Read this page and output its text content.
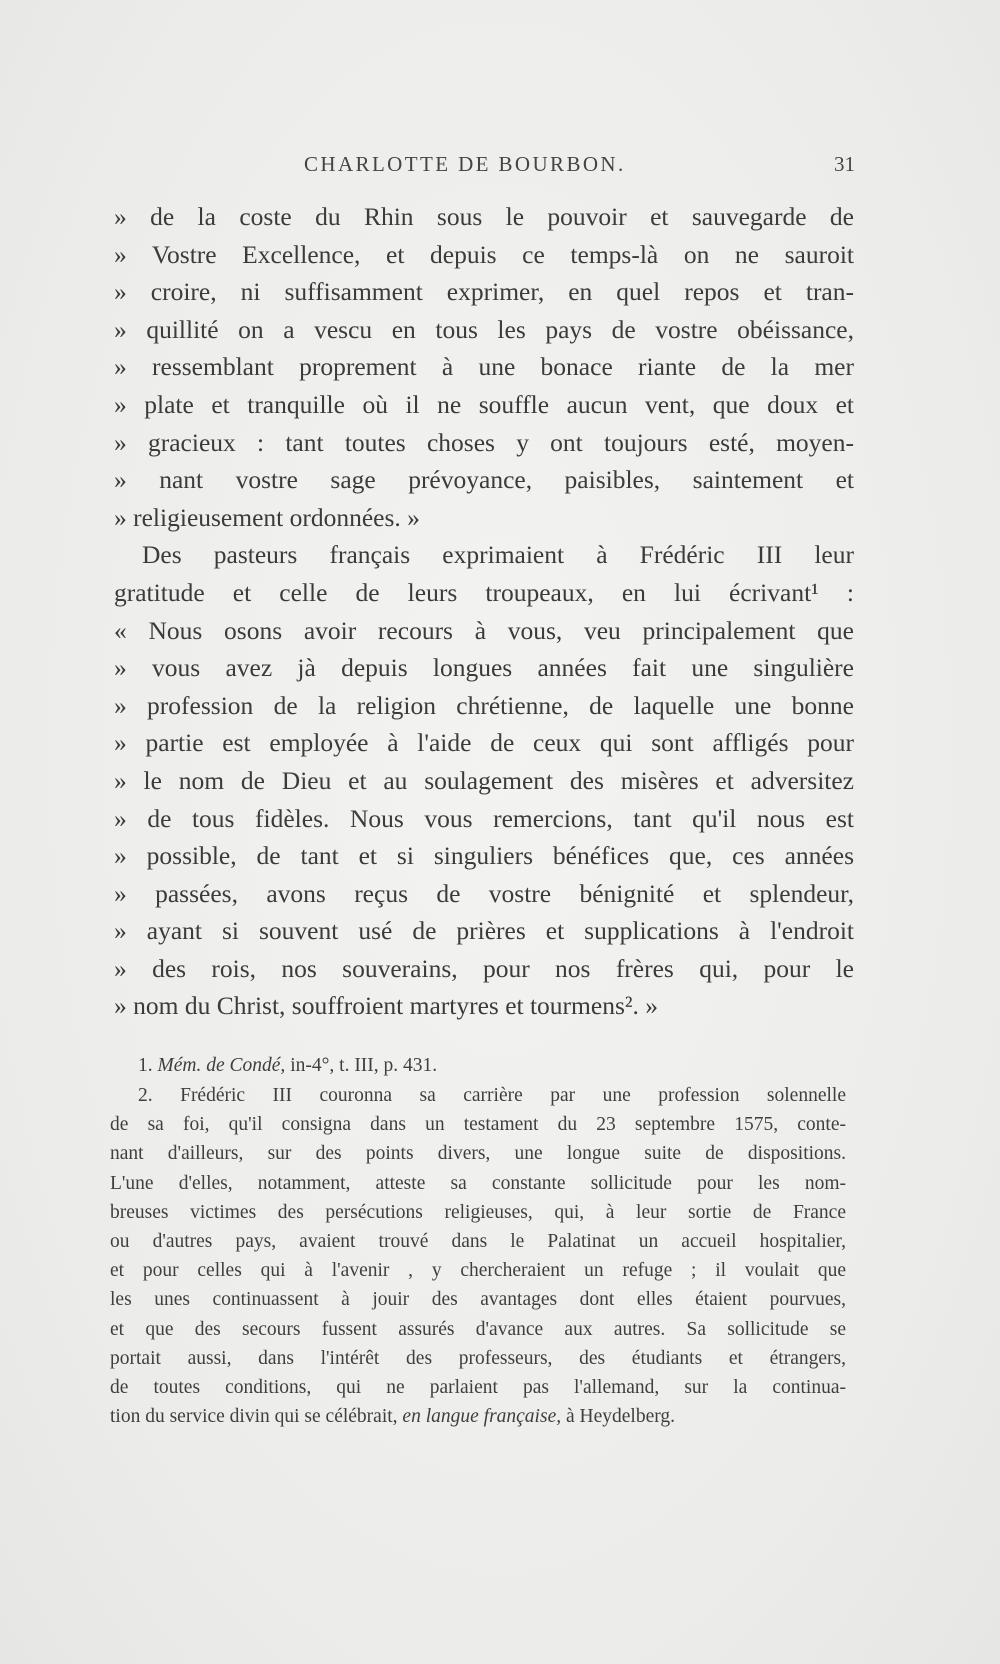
CHARLOTTE DE BOURBON.	31
» de la coste du Rhin sous le pouvoir et sauvegarde de
» Vostre Excellence, et depuis ce temps-là on ne sauroit
» croire, ni suffisamment exprimer, en quel repos et tran-
» quillité on a vescu en tous les pays de vostre obéissance,
» ressemblant proprement à une bonace riante de la mer
» plate et tranquille où il ne souffle aucun vent, que doux et
» gracieux : tant toutes choses y ont toujours esté, moyen-
» nant vostre sage prévoyance, paisibles, saintement et
» religieusement ordonnées. »
Des pasteurs français exprimaient à Frédéric III leur
gratitude et celle de leurs troupeaux, en lui écrivant¹ :
« Nous osons avoir recours à vous, veu principalement que
» vous avez jà depuis longues années fait une singulière
» profession de la religion chrétienne, de laquelle une bonne
» partie est employée à l'aide de ceux qui sont affligés pour
» le nom de Dieu et au soulagement des misères et adversitez
» de tous fidèles. Nous vous remercions, tant qu'il nous est
» possible, de tant et si singuliers bénéfices que, ces années
» passées, avons reçus de vostre bénignité et splendeur,
» ayant si souvent usé de prières et supplications à l'endroit
» des rois, nos souverains, pour nos frères qui, pour le
» nom du Christ, souffroient martyres et tourmens². »
1. Mém. de Condé, in-4°, t. III, p. 431.
2. Frédéric III couronna sa carrière par une profession solennelle
de sa foi, qu'il consigna dans un testament du 23 septembre 1575, conte-
nant d'ailleurs, sur des points divers, une longue suite de dispositions.
L'une d'elles, notamment, atteste sa constante sollicitude pour les nom-
breuses victimes des persécutions religieuses, qui, à leur sortie de France
ou d'autres pays, avaient trouvé dans le Palatinat un accueil hospitalier,
et pour celles qui à l'avenir , y chercheraient un refuge ; il voulait que
les unes continuassent à jouir des avantages dont elles étaient pourvues,
et que des secours fussent assurés d'avance aux autres. Sa sollicitude se
portait aussi, dans l'intérêt des professeurs, des étudiants et étrangers,
de toutes conditions, qui ne parlaient pas l'allemand, sur la continua-
tion du service divin qui se célébrait, en langue française, à Heydelberg.
